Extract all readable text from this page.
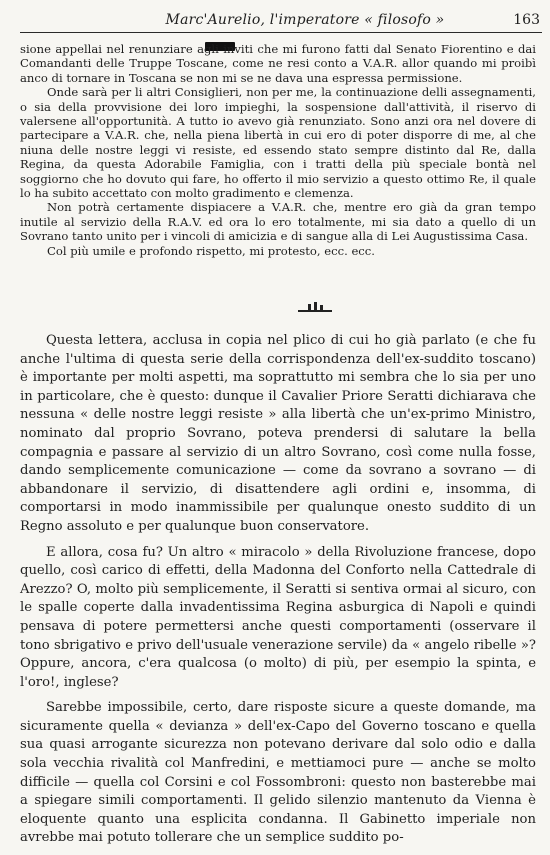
Marc'Aurelio, l'imperatore « filosofo »	163

sione appellai nel renunziare agli inviti che mi furono fatti dal Senato Fiorentino e dai Comandanti delle Truppe Toscane, come ne resi conto a V.A.R. allor quando mi proibì anco di tornare in Toscana se non mi se ne dava una espressa permissione.

Onde sarà per li altri Consiglieri, non per me, la continuazione delli assegnamenti, o sia della provvisione dei loro impieghi, la sospensione dall'attività, il riservo di valersene all'opportunità. A tutto io avevo già renunziato. Sono anzi ora nel dovere di partecipare a V.A.R. che, nella piena libertà in cui ero di poter disporre di me, al che niuna delle nostre leggi vi resiste, ed essendo stato sempre distinto dal Re, dalla Regina, da questa Adorabile Famiglia, con i tratti della più speciale bontà nel soggiorno che ho dovuto qui fare, ho offerto il mio servizio a questo ottimo Re, il quale lo ha subito accettato con molto gradimento e clemenza.

Non potrà certamente dispiacere a V.A.R. che, mentre ero già da gran tempo inutile al servizio della R.A.V. ed ora lo ero totalmente, mi sia dato a quello di un Sovrano tanto unito per i vincoli di amicizia e di sangue alla di Lei Augustissima Casa.

Col più umile e profondo rispetto, mi protesto, ecc. ecc.

Questa lettera, acclusa in copia nel plico di cui ho già parlato (e che fu anche l'ultima di questa serie della corrispondenza dell'ex-suddito toscano) è importante per molti aspetti, ma soprattutto mi sembra che lo sia per uno in particolare, che è questo: dunque il Cavalier Priore Seratti dichiarava che nessuna « delle nostre leggi resiste » alla libertà che un'ex-primo Ministro, nominato dal proprio Sovrano, poteva prendersi di salutare la bella compagnia e passare al servizio di un altro Sovrano, così come nulla fosse, dando semplicemente comunicazione — come da sovrano a sovrano — di abbandonare il servizio, di disattendere agli ordini e, insomma, di comportarsi in modo inammissibile per qualunque onesto suddito di un Regno assoluto e per qualunque buon conservatore.

E allora, cosa fu? Un altro « miracolo » della Rivoluzione francese, dopo quello, così carico di effetti, della Madonna del Conforto nella Cattedrale di Arezzo? O, molto più semplicemente, il Seratti si sentiva ormai al sicuro, con le spalle coperte dalla invadentissima Regina asburgica di Napoli e quindi pensava di potere permettersi anche questi comportamenti (osservare il tono sbrigativo e privo dell'usuale venerazione servile) da « angelo ribelle »? Oppure, ancora, c'era qualcosa (o molto) di più, per esempio la spinta, e l'oro!, inglese?

Sarebbe impossibile, certo, dare risposte sicure a queste domande, ma sicuramente quella « devianza » dell'ex-Capo del Governo toscano e quella sua quasi arrogante sicurezza non potevano derivare dal solo odio e dalla sola vecchia rivalità col Manfredini, e mettiamoci pure — anche se molto difficile — quella col Corsini e col Fossombroni: questo non basterebbe mai a spiegare simili comportamenti. Il gelido silenzio mantenuto da Vienna è eloquente quanto una esplicita condanna. Il Gabinetto imperiale non avrebbe mai potuto tollerare che un semplice suddito po-
